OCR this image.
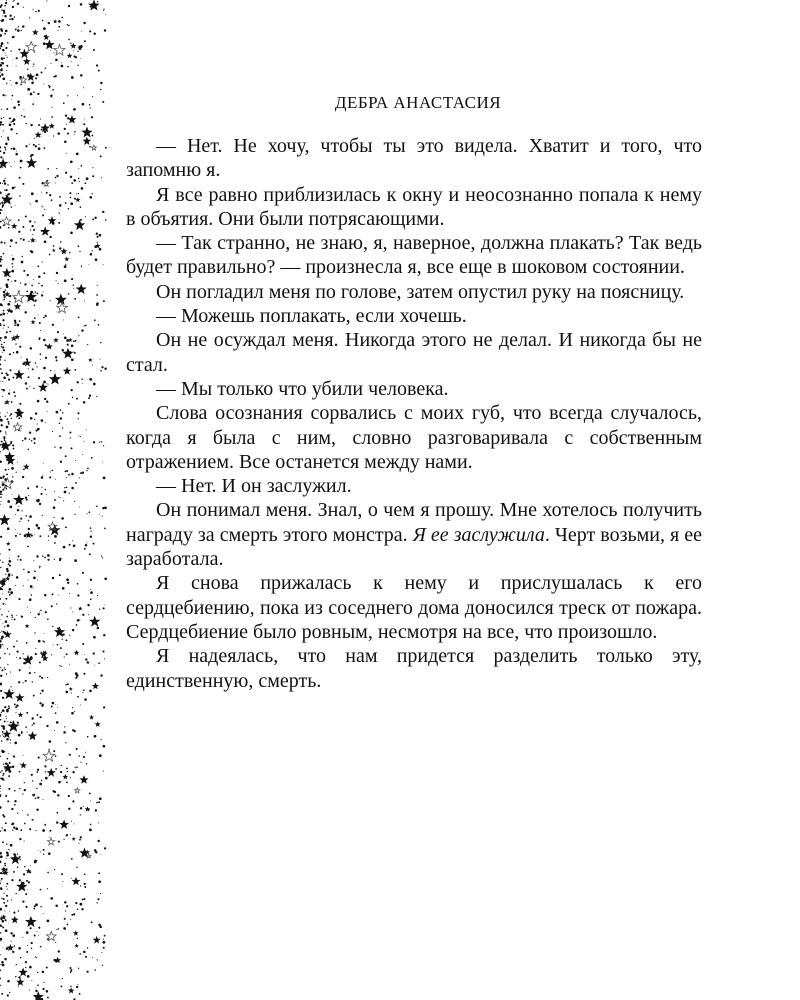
ДЕБРА АНАСТАСИЯ

— Нет. Не хочу, чтобы ты это видела. Хватит и того, что запомню я.

Я все равно приблизилась к окну и неосознанно попала к нему в объятия. Они были потрясающими.

— Так странно, не знаю, я, наверное, должна плакать? Так ведь будет правильно? — произнесла я, все еще в шоковом состоянии.

Он погладил меня по голове, затем опустил руку на поясницу.

— Можешь поплакать, если хочешь.

Он не осуждал меня. Никогда этого не делал. И никогда бы не стал.

— Мы только что убили человека.

Слова осознания сорвались с моих губ, что всегда случалось, когда я была с ним, словно разговаривала с собственным отражением. Все останется между нами.

— Нет. И он заслужил.

Он понимал меня. Знал, о чем я прошу. Мне хотелось получить награду за смерть этого монстра. Я ее заслужила. Черт возьми, я ее заработала.

Я снова прижалась к нему и прислушалась к его сердцебиению, пока из соседнего дома доносился треск от пожара. Сердцебиение было ровным, несмотря на все, что произошло.

Я надеялась, что нам придется разделить только эту, единственную, смерть.
